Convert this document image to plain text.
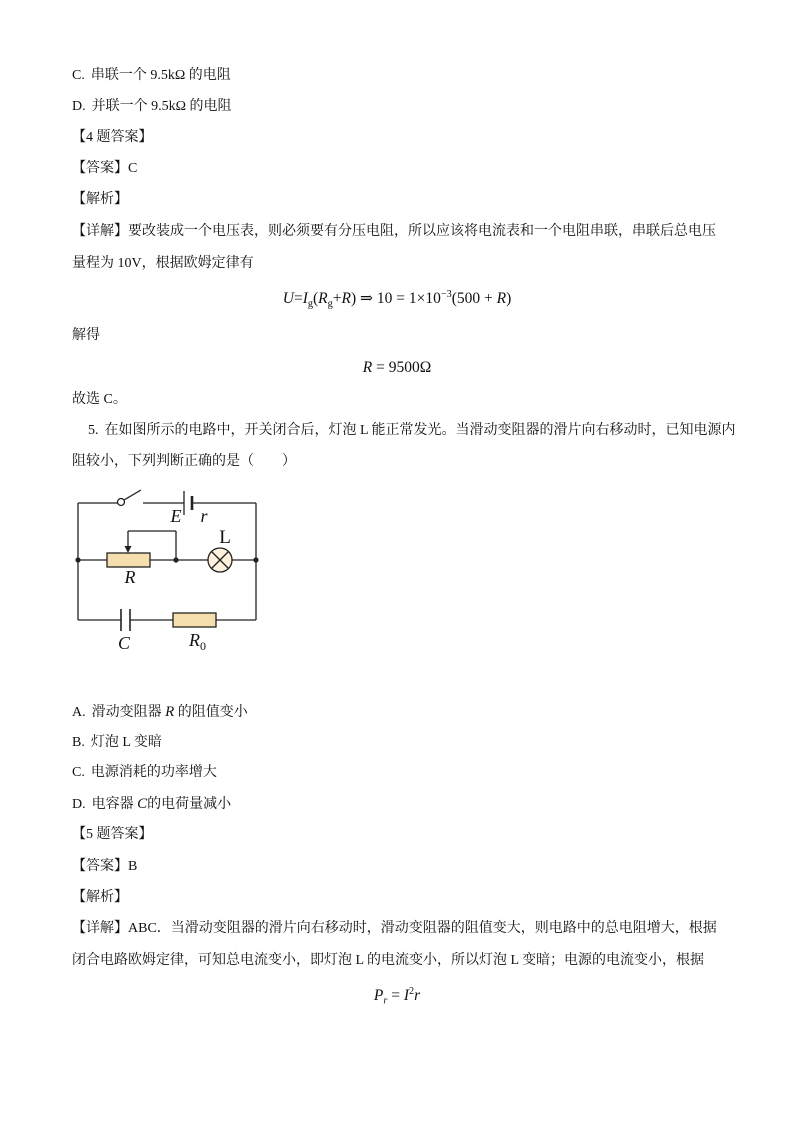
C. 串联一个 9.5kΩ 的电阻
D. 并联一个 9.5kΩ 的电阻
【4 题答案】
【答案】C
【解析】
【详解】要改装成一个电压表，则必须要有分压电阻，所以应该将电流表和一个电阻串联，串联后总电压
量程为 10V，根据欧姆定律有
$U=I_g(R_g+R)$ ⇒ $10 = 1\times 10^{-3}(500 + R)$
解得
R = 9500Ω
故选 C。
5. 在如图所示的电路中，开关闭合后，灯泡 L 能正常发光。当滑动变阻器的滑片向右移动时，已知电源内
阻较小，下列判断正确的是（　　）
E r
R
L
C	$R_0$
A. 滑动变阻器 R 的阻值变小
B. 灯泡 L 变暗
C. 电源消耗的功率增大
D. 电容器 C的电荷量减小
【5 题答案】
【答案】B
【解析】
【详解】ABC．当滑动变阻器的滑片向右移动时，滑动变阻器的阻值变大，则电路中的总电阻增大，根据
闭合电路欧姆定律，可知总电流变小，即灯泡 L 的电流变小，所以灯泡 L 变暗；电源的电流变小，根据
$P_r = I^2r$
